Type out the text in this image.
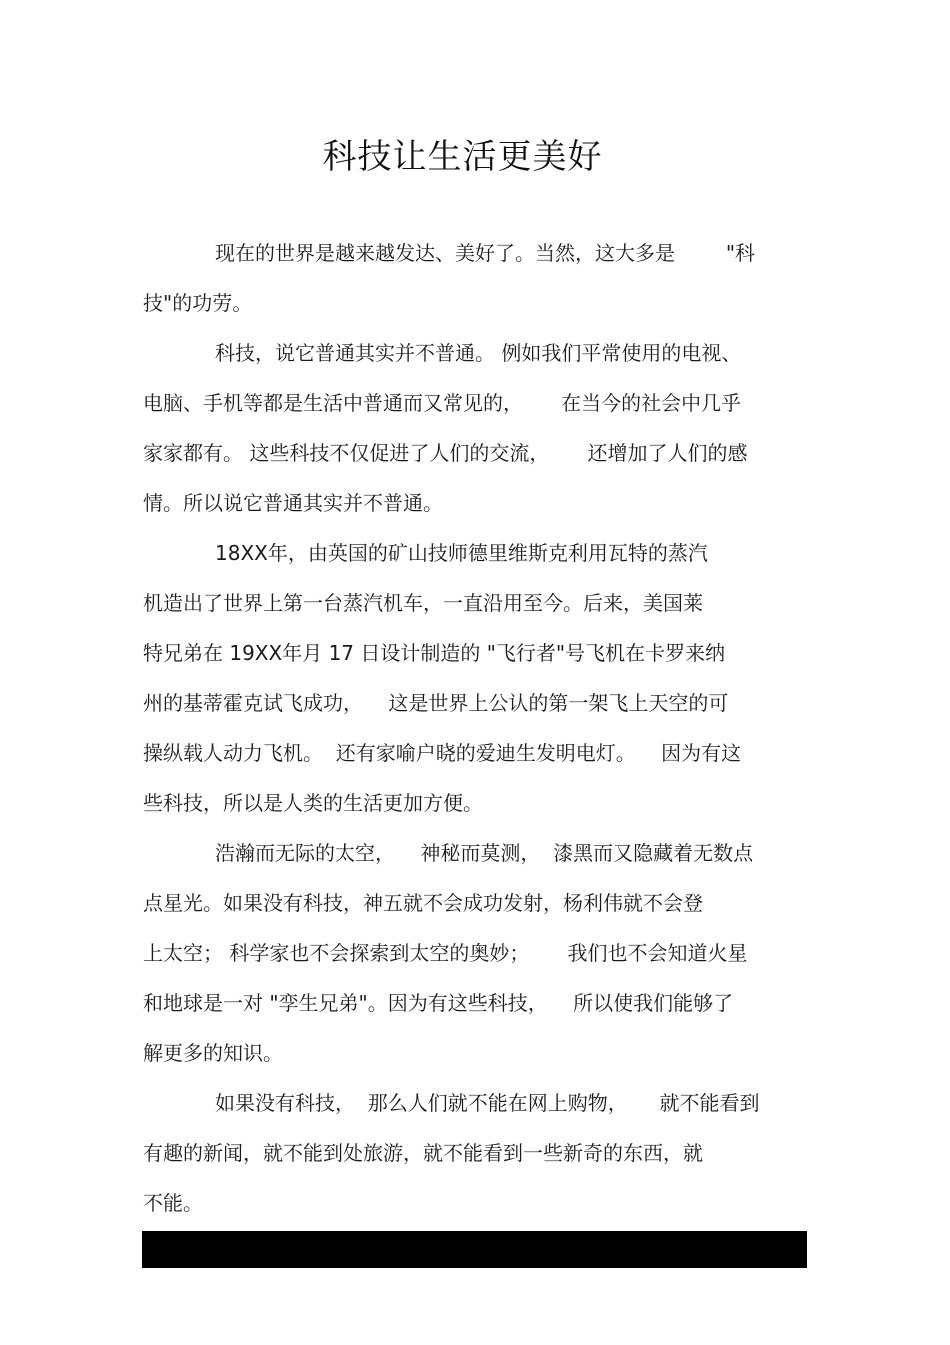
科技让生活更美好
现在的世界是越来越发达、美好了。当然，这大多是        "科
技"的功劳。
科技，说它普通其实并不普通。 例如我们平常使用的电视、
电脑、手机等都是生活中普通而又常见的，      在当今的社会中几乎
家家都有。 这些科技不仅促进了人们的交流，      还增加了人们的感
情。所以说它普通其实并不普通。
18XX年，由英国的矿山技师德里维斯克利用瓦特的蒸汽
机造出了世界上第一台蒸汽机车，一直沿用至今。后来，美国莱
特兄弟在 19XX年月 17 日设计制造的 "飞行者"号飞机在卡罗来纳
州的基蒂霍克试飞成功，    这是世界上公认的第一架飞上天空的可
操纵载人动力飞机。  还有家喻户晓的爱迪生发明电灯。    因为有这
些科技，所以是人类的生活更加方便。
浩瀚而无际的太空，    神秘而莫测，  漆黑而又隐藏着无数点
点星光。如果没有科技，神五就不会成功发射，杨利伟就不会登
上太空； 科学家也不会探索到太空的奥妙；      我们也不会知道火星
和地球是一对 "孪生兄弟"。因为有这些科技，    所以使我们能够了
解更多的知识。
如果没有科技，  那么人们就不能在网上购物，     就不能看到
有趣的新闻，就不能到处旅游，就不能看到一些新奇的东西，就
不能。
